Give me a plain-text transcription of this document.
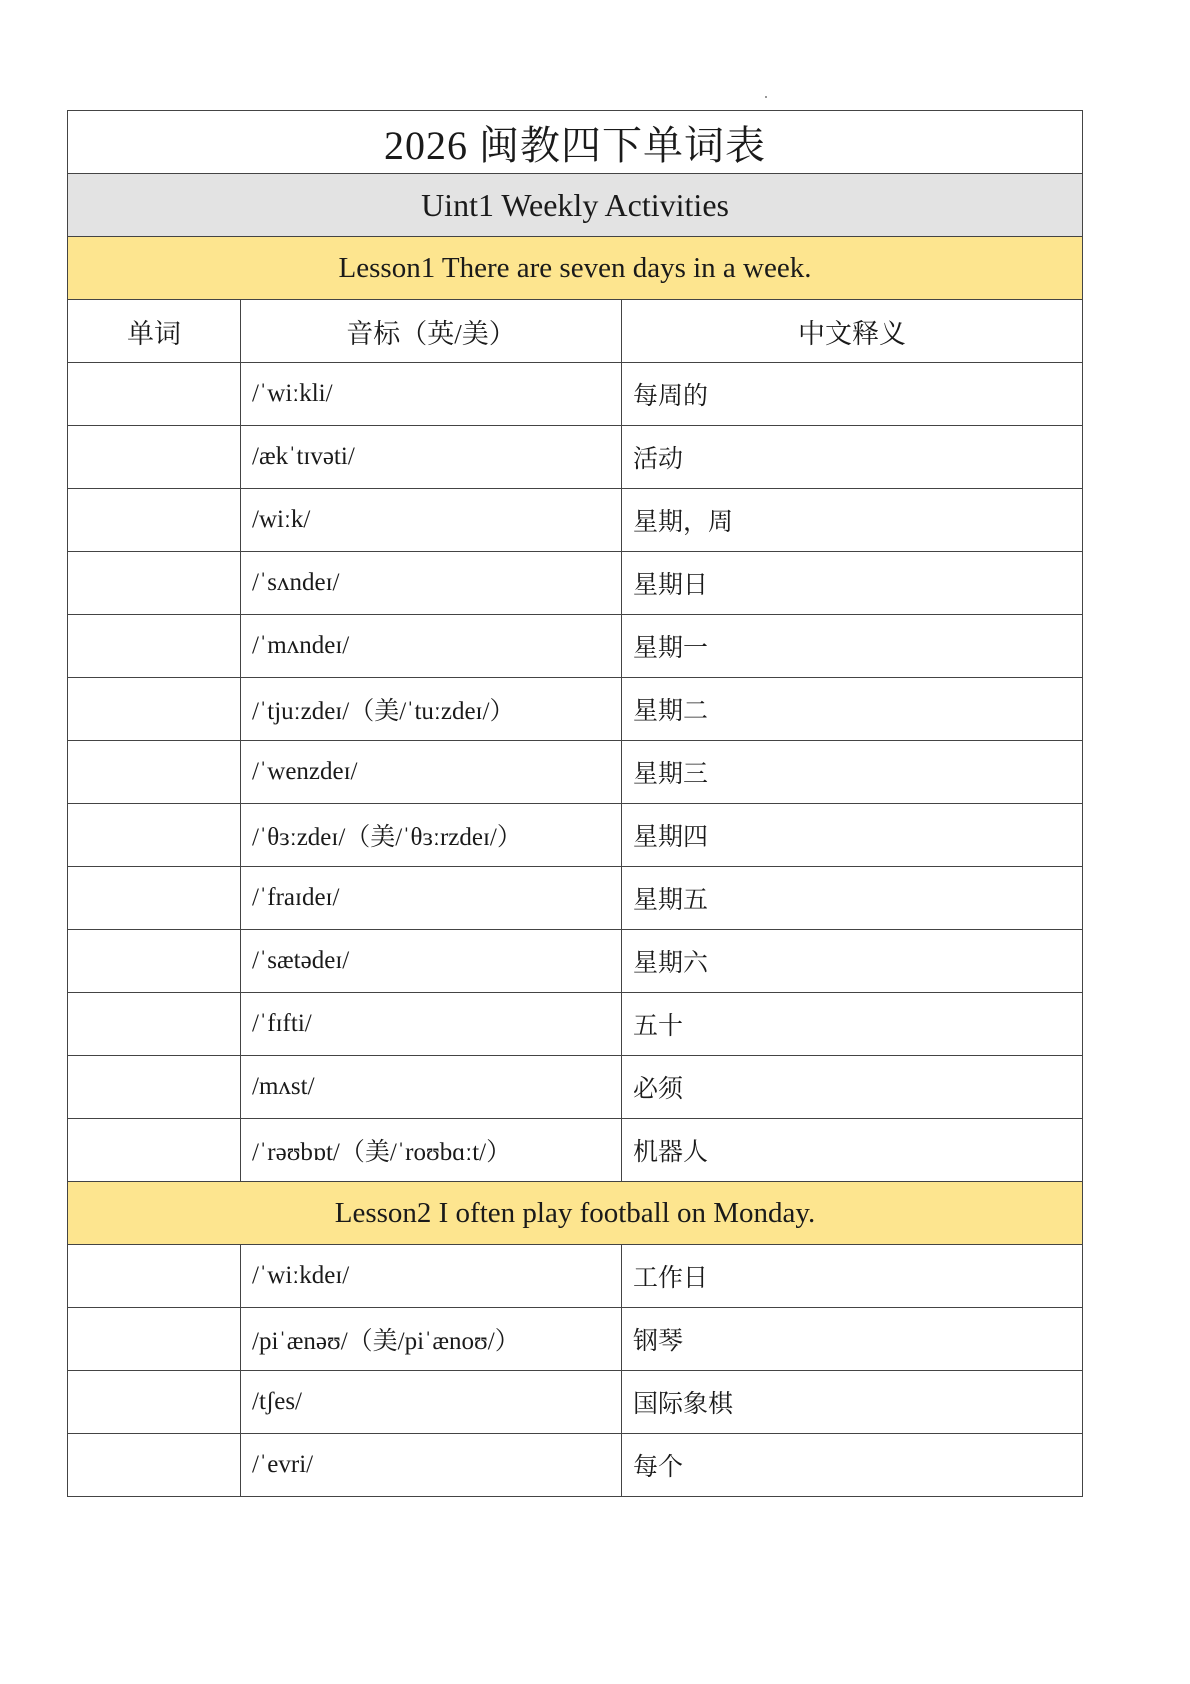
2026 闽教四下单词表		
Uint1 Weekly Activities		
Lesson1 There are seven days in a week.		
单词	音标（英/美）	中文释义
	/ˈwiːkli/	每周的
	/ækˈtɪvəti/	活动
	/wiːk/	星期，周
	/ˈsʌndeɪ/	星期日
	/ˈmʌndeɪ/	星期一
	/ˈtjuːzdeɪ/（美/ˈtuːzdeɪ/）	星期二
	/ˈwenzdeɪ/	星期三
	/ˈθɜːzdeɪ/（美/ˈθɜːrzdeɪ/）	星期四
	/ˈfraɪdeɪ/	星期五
	/ˈsætədeɪ/	星期六
	/ˈfɪfti/	五十
	/mʌst/	必须
	/ˈrəʊbɒt/（美/ˈroʊbɑːt/）	机器人
Lesson2 I often play football on Monday.		
	/ˈwiːkdeɪ/	工作日
	/piˈænəʊ/（美/piˈænoʊ/）	钢琴
	/tʃes/	国际象棋
	/ˈevri/	每个
